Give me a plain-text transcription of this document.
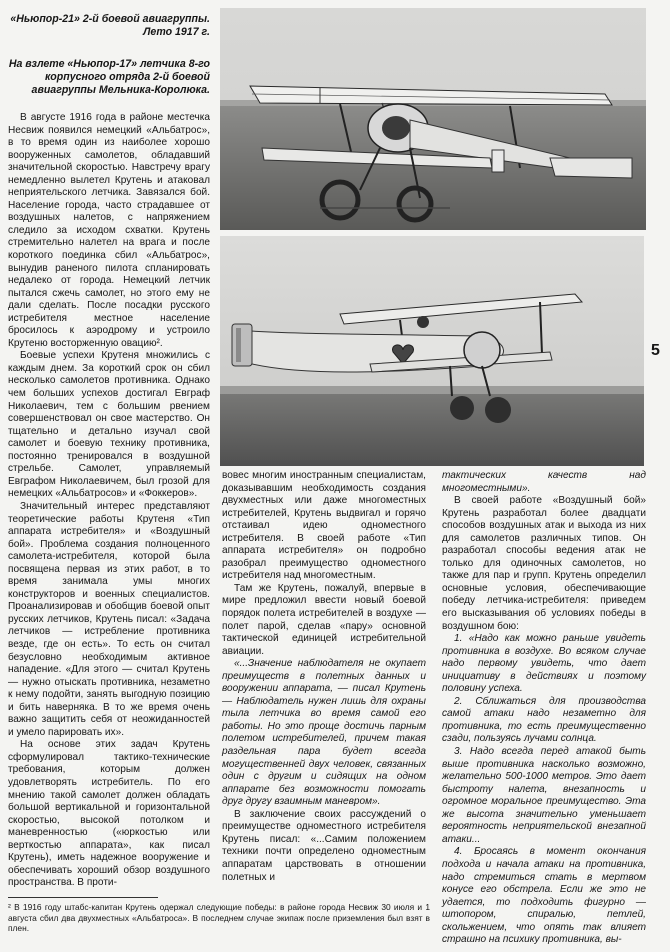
«Ньюпор-21» 2-й боевой авиагруппы. Лето 1917 г.
На взлете «Ньюпор-17» летчика 8-го корпусного отряда 2-й боевой авиагруппы Мельника-Королюка.
5

В августе 1916 года в районе местечка Несвиж появился немецкий «Альбатрос», в то время один из наиболее хорошо вооруженных самолетов, обладавший значительной скоростью. Навстречу врагу немедленно вылетел Крутень и атаковал неприятельского летчика. Завязался бой. Население города, часто страдавшее от воздушных налетов, с напряжением следило за исходом схватки. Крутень стремительно налетел на врага и после короткого поединка сбил «Альбатрос», вынудив раненого пилота спланировать недалеко от города. Немецкий летчик пытался сжечь самолет, но этого ему не дали сделать. После посадки русского истребителя местное население бросилось к аэродрому и устроило Крутеню восторженную овацию².

Боевые успехи Крутеня множились с каждым днем. За короткий срок он сбил несколько самолетов противника. Однако чем больших успехов достигал Евграф Николаевич, тем с большим рвением совершенствовал он свое мастерство. Он тщательно и детально изучал свой самолет и боевую технику противника, постоянно тренировался в воздушной стрельбе. Самолет, управляемый Евграфом Николаевичем, был грозой для немецких «Альбатросов» и «Фоккеров».

Значительный интерес представляют теоретические работы Крутеня «Тип аппарата истребителя» и «Воздушный бой». Проблема создания полноценного самолета-истребителя, которой была посвящена первая из этих работ, в то время занимала умы многих конструкторов и военных специалистов. Проанализировав и обобщив боевой опыт русских летчиков, Крутень писал: «Задача летчиков — истребление противника везде, где он есть». То есть он считал безусловно необходимым активное нападение. «Для этого — считал Крутень — нужно отыскать противника, незаметно к нему подойти, занять выгодную позицию и бить наверняка. В то же время очень важно защитить себя от неожиданностей и умело парировать их».

На основе этих задач Крутень сформулировал тактико-технические требования, которым должен удовлетворять истребитель. По его мнению такой самолет должен обладать большой вертикальной и горизонтальной скоростью, высокой потолком и маневренностью («юркостью или верткостью аппарата», как писал Крутень), иметь надежное вооружение и обеспечивать хороший обзор воздушного пространства. В проти-

вовес многим иностранным специалистам, доказывавшим необходимость создания двухместных или даже многоместных истребителей, Крутень выдвигал и горячо отстаивал идею одноместного истребителя. В своей работе «Тип аппарата истребителя» он подробно разобрал преимущество одноместного истребителя над многоместным.

Там же Крутень, пожалуй, впервые в мире предложил ввести новый боевой порядок полета истребителей в воздухе — полет парой, сделав «пару» основной тактической единицей истребительной авиации.

«...Значение наблюдателя не окупает преимуществ в полетных данных и вооружении аппарата, — писал Крутень — Наблюдатель нужен лишь для охраны тыла летчика во время самой его работы. Но это проще достичь парным полетом истребителей, причем такая раздельная пара будет всегда могущественней двух человек, связанных один с другим и сидящих на одном аппарате без возможности помогать друг другу взаимным маневром».

В заключение своих рассуждений о преимуществе одноместного истребителя Крутень писал: «...Самим положением техники почти определено одноместным аппаратам царствовать в отношении полетных и

тактических качеств над многоместными».

В своей работе «Воздушный бой» Крутень разработал более двадцати способов воздушных атак и выхода из них для самолетов различных типов. Он разработал способы ведения атак не только для одиночных самолетов, но также для пар и групп. Крутень определил основные условия, обеспечивающие победу летчика-истребителя: приведем его высказывания об условиях победы в воздушном бою:

1. «Надо как можно раньше увидеть противника в воздухе. Во всяком случае надо первому увидеть, что дает инициативу в действиях и поэтому половину успеха.

2. Сближаться для производства самой атаки надо незаметно для противника, то есть преимущественно сзади, пользуясь лучами солнца.

3. Надо всегда перед атакой быть выше противника насколько возможно, желательно 500-1000 метров. Это дает быстроту налета, внезапность и огромное моральное преимущество. Эта же высота значительно уменьшает вероятность неприятельской внезапной атаки...

4. Бросаясь в момент окончания подхода и начала атаки на противника, надо стремиться стать в мертвом конусе его обстрела. Если же это не удается, то подходить фигурно — штопором, спиралью, петлей, скольжением, что опять так влияет страшно на психику противника, вы-

² В 1916 году штабс-капитан Крутень одержал следующие победы: в районе города Несвиж 30 июля и 1 августа сбил два двухместных «Альбатроса». В последнем случае экипаж после приземления был взят в плен.
